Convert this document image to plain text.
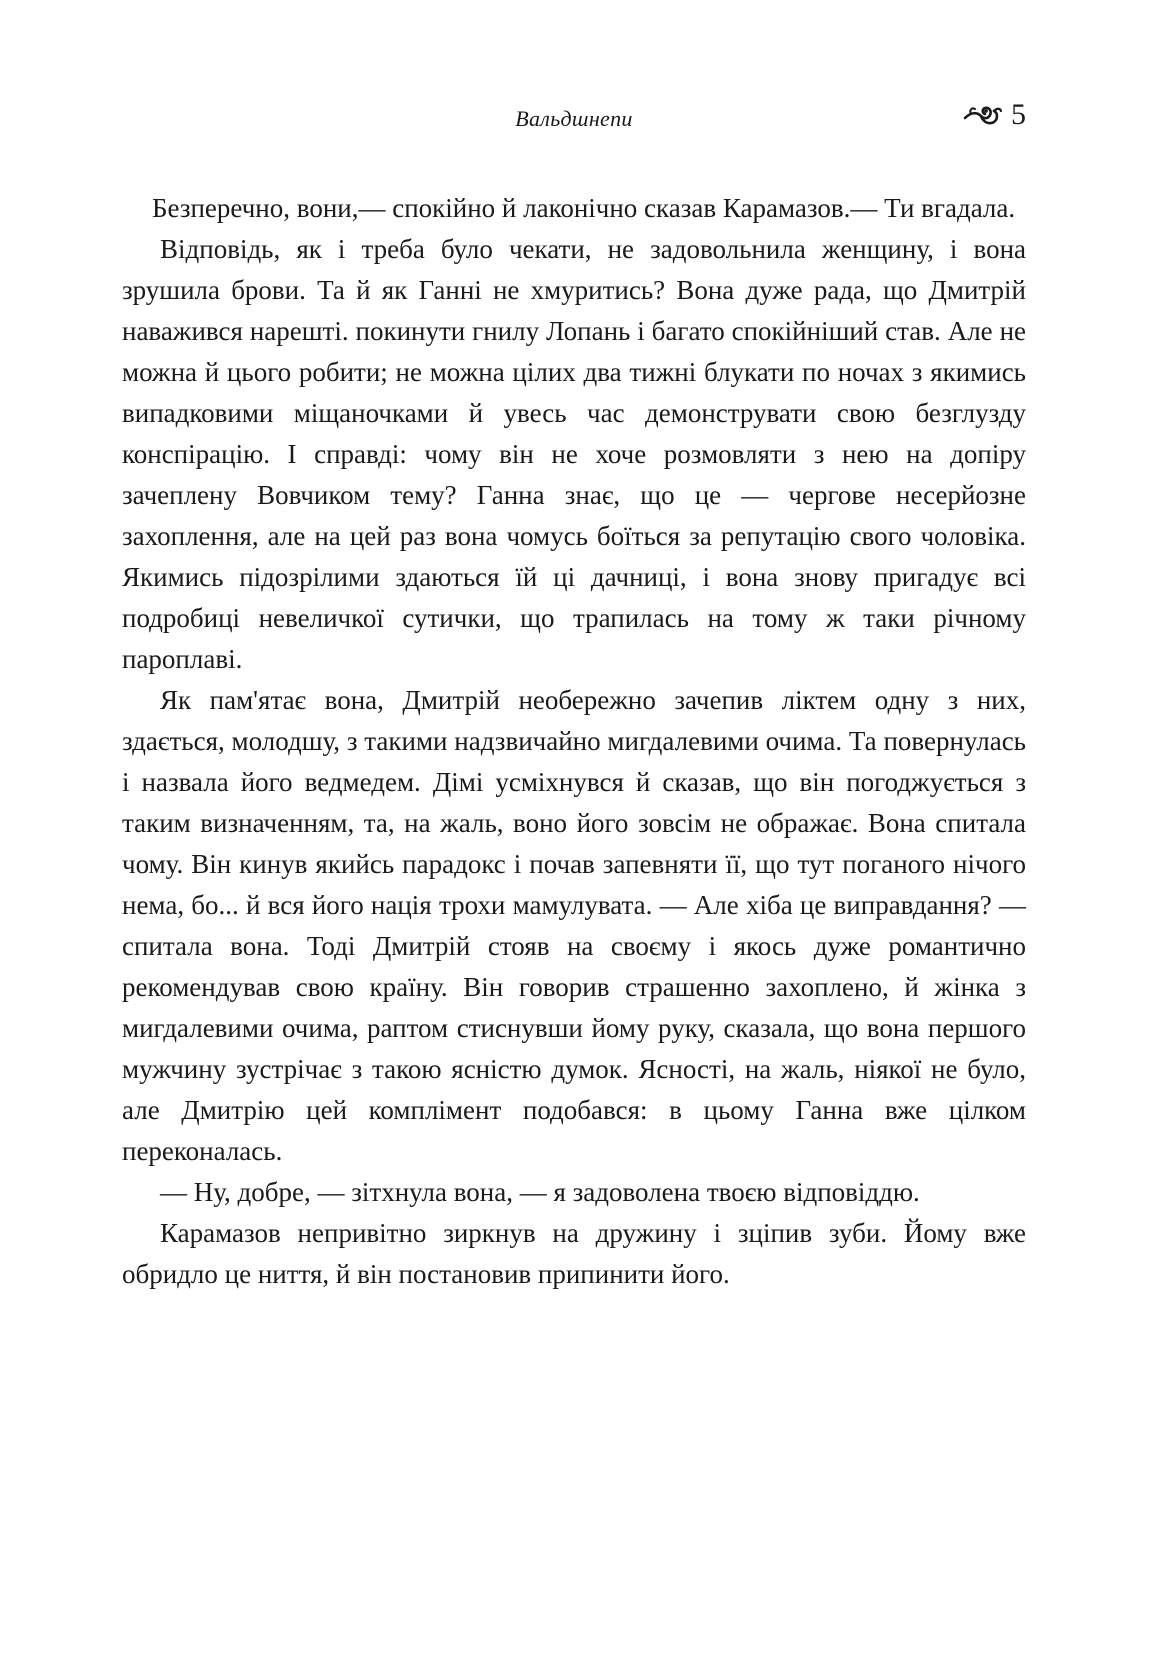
Вальдшнепи	5

Безперечно, вони,— спокійно й лаконічно сказав Карамазов.— Ти вгадала.

Відповідь, як і треба було чекати, не задовольнила женщину, і вона зрушила брови. Та й як Ганні не хмуритись? Вона дуже рада, що Дмитрій наважився нарешті. покинути гнилу Лопань і багато спокійніший став. Але не можна й цього робити; не можна цілих два тижні блукати по ночах з якимись випадковими міщаночками й увесь час демонструвати свою безглузду конспірацію. І справді: чому він не хоче розмовляти з нею на допіру зачеплену Вовчиком тему? Ганна знає, що це — чергове несерйозне захоплення, але на цей раз вона чомусь боїться за репутацію свого чоловіка. Якимись підозрілими здаються їй ці дачниці, і вона знову пригадує всі подробиці невеличкої сутички, що трапилась на тому ж таки річному пароплаві.

Як пам'ятає вона, Дмитрій необережно зачепив ліктем одну з них, здається, молодшу, з такими надзвичайно мигдалевими очима. Та повернулась і назвала його ведмедем. Дімі усміхнувся й сказав, що він погоджується з таким визначенням, та, на жаль, воно його зовсім не ображає. Вона спитала чому. Він кинув якийсь парадокс і почав запевняти її, що тут поганого нічого нема, бо... й вся його нація трохи мамулувата. — Але хіба це виправдання? — спитала вона. Тоді Дмитрій стояв на своєму і якось дуже романтично рекомендував свою країну. Він говорив страшенно захоплено, й жінка з мигдалевими очима, раптом стиснувши йому руку, сказала, що вона першого мужчину зустрічає з такою ясністю думок. Ясності, на жаль, ніякої не було, але Дмитрію цей комплімент подобався: в цьому Ганна вже цілком переконалась.

— Ну, добре, — зітхнула вона, — я задоволена твоєю відповіддю.

Карамазов непривітно зиркнув на дружину і зціпив зуби. Йому вже обридло це ниття, й він постановив припинити його.
